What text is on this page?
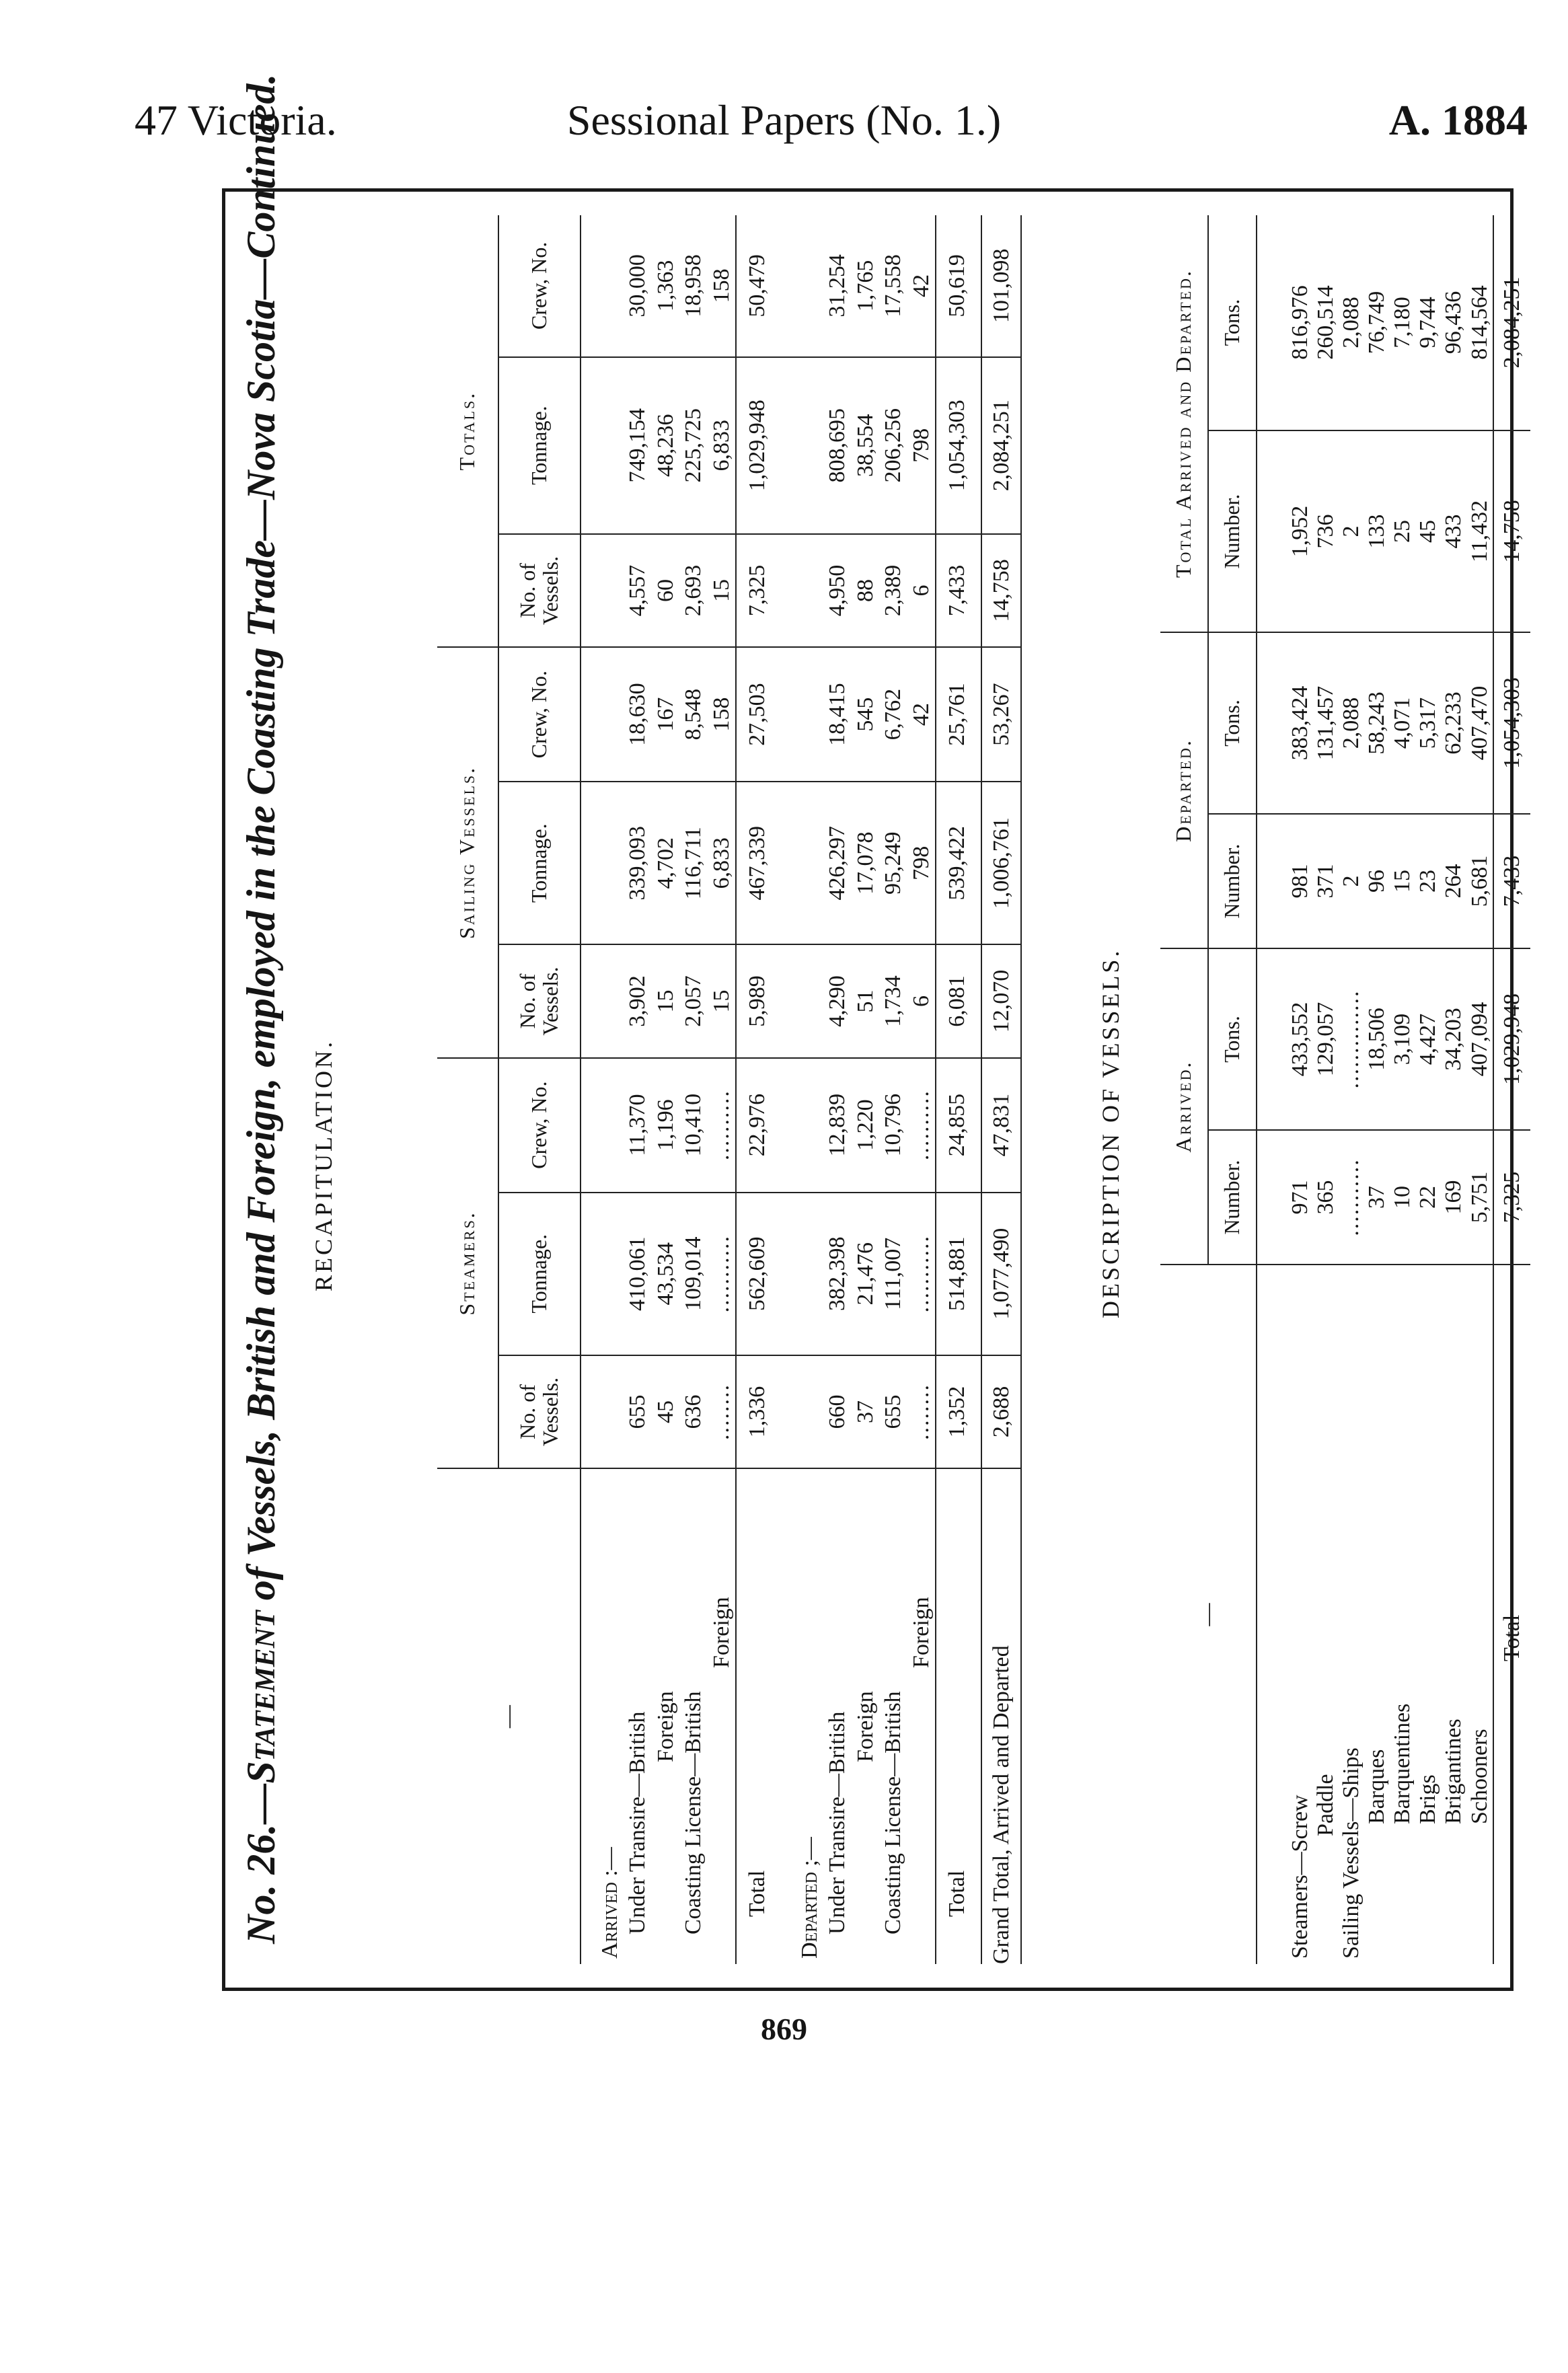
47 Victoria.	Sessional Papers (No. 1.)	A. 1884
No. 26.—Statement of Vessels, British and Foreign, employed in the Coasting Trade—Nova Scotia—Continued. RECAPITULATION.
—	Steamers.			Sailing Vessels.			Totals.		
	No. of Vessels.	Tonnage.	Crew, No.	No. of Vessels.	Tonnage.	Crew, No.	No. of Vessels.	Tonnage.	Crew, No.
Arrived :—									
Under Transire—British	655	410,061	11,370	3,902	339,093	18,630	4,557	749,154	30,000
Foreign	45	43,534	1,196	15	4,702	167	60	48,236	1,363
Coasting License—British	636	109,014	10,410	2,057	116,711	8,548	2,693	225,725	18,958
Foreign	........	...........	..........	15	6,833	158	15	6,833	158
Total	1,336	562,609	22,976	5,989	467,339	27,503	7,325	1,029,948	50,479
Departed ;—									
Under Transire—British	660	382,398	12,839	4,290	426,297	18,415	4,950	808,695	31,254
Foreign	37	21,476	1,220	51	17,078	545	88	38,554	1,765
Coasting License—British	655	111,007	10,796	1,734	95,249	6,762	2,389	206,256	17,558
Foreign	........	...........	..........	6	798	42	6	798	42
Total	1,352	514,881	24,855	6,081	539,422	25,761	7,433	1,054,303	50,619
Grand Total, Arrived and Departed	2,688	1,077,490	47,831	12,070	1,006,761	53,267	14,758	2,084,251	101,098
DESCRIPTION OF VESSELS.
—	Arrived.		Departed.		Total Arrived and Departed.	
	Number.	Tons.	Number.	Tons.	Number.	Tons.

Steamers—Screw	971	433,552	981	383,424	1,952	816,976
Paddle	365	129,057	371	131,457	736	260,514
Sailing Vessels—Ships	...........	..............	2	2,088	2	2,088
Barques	37	18,506	96	58,243	133	76,749
Barquentines	10	3,109	15	4,071	25	7,180
Brigs	22	4,427	23	5,317	45	9,744
Brigantines	169	34,203	264	62,233	433	96,436
Schooners	5,751	407,094	5,681	407,470	11,432	814,564
Total	7,325	1,029,948	7,433	1,054,303	14,758	2,084,251
869
